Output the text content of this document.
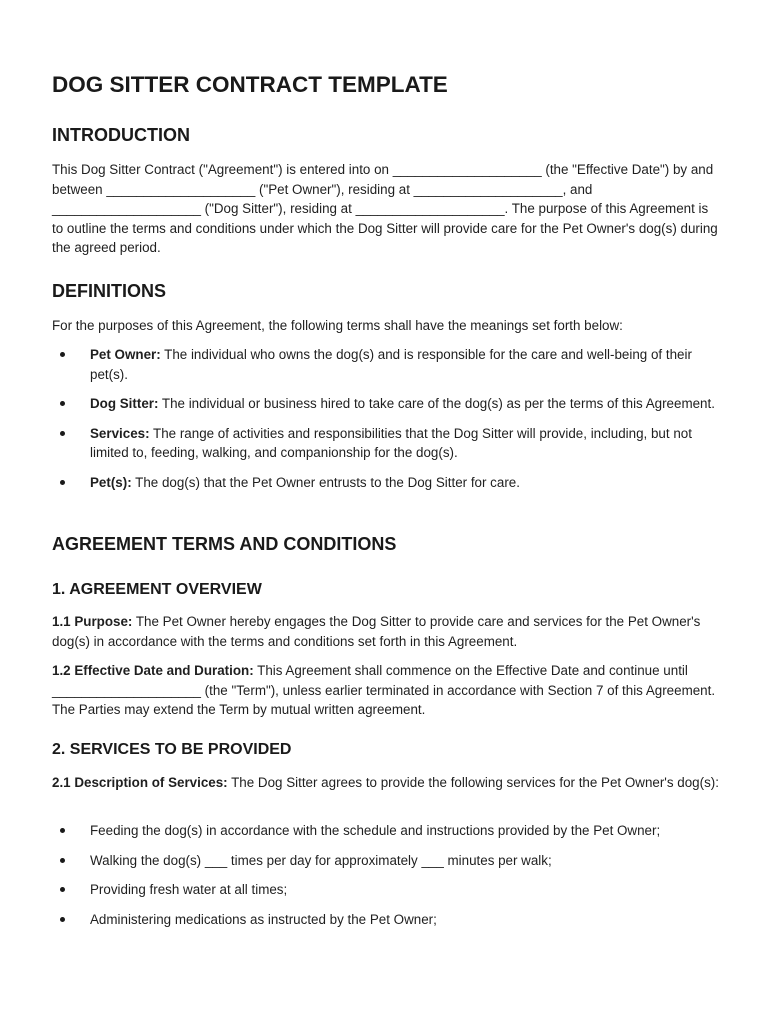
DOG SITTER CONTRACT TEMPLATE
INTRODUCTION

This Dog Sitter Contract ("Agreement") is entered into on ____________________ (the "Effective Date") by and between ____________________ ("Pet Owner"), residing at ____________________, and ____________________ ("Dog Sitter"), residing at ____________________. The purpose of this Agreement is to outline the terms and conditions under which the Dog Sitter will provide care for the Pet Owner's dog(s) during the agreed period.

DEFINITIONS

For the purposes of this Agreement, the following terms shall have the meanings set forth below:

Pet Owner: The individual who owns the dog(s) and is responsible for the care and well-being of their pet(s).
Dog Sitter: The individual or business hired to take care of the dog(s) as per the terms of this Agreement.
Services: The range of activities and responsibilities that the Dog Sitter will provide, including, but not limited to, feeding, walking, and companionship for the dog(s).
Pet(s): The dog(s) that the Pet Owner entrusts to the Dog Sitter for care.
AGREEMENT TERMS AND CONDITIONS
1. AGREEMENT OVERVIEW

1.1 Purpose: The Pet Owner hereby engages the Dog Sitter to provide care and services for the Pet Owner's dog(s) in accordance with the terms and conditions set forth in this Agreement.

1.2 Effective Date and Duration: This Agreement shall commence on the Effective Date and continue until ____________________ (the "Term"), unless earlier terminated in accordance with Section 7 of this Agreement. The Parties may extend the Term by mutual written agreement.

2. SERVICES TO BE PROVIDED

2.1 Description of Services: The Dog Sitter agrees to provide the following services for the Pet Owner's dog(s):

Feeding the dog(s) in accordance with the schedule and instructions provided by the Pet Owner;
Walking the dog(s) ___ times per day for approximately ___ minutes per walk;
Providing fresh water at all times;
Administering medications as instructed by the Pet Owner;
